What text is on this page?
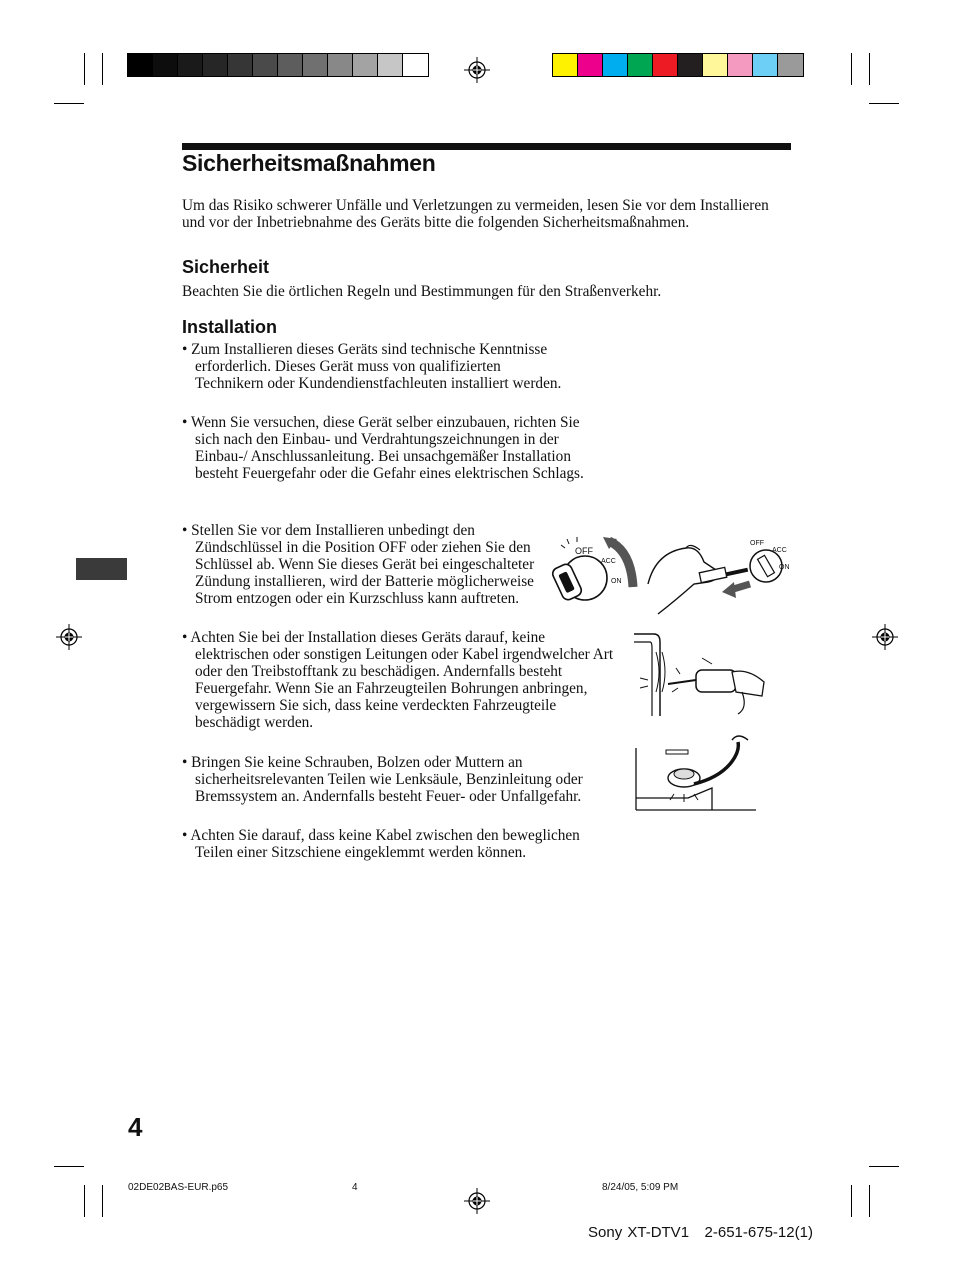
Sicherheitsmaßnahmen
Um das Risiko schwerer Unfälle und Verletzungen zu vermeiden, lesen Sie vor dem Installieren und vor der Inbetriebnahme des Geräts bitte die folgenden Sicherheitsmaßnahmen.
Sicherheit
Beachten Sie die örtlichen Regeln und Bestimmungen für den Straßenverkehr.
Installation
• Zum Installieren dieses Geräts sind technische Kenntnisse erforderlich. Dieses Gerät muss von qualifizierten Technikern oder Kundendienstfachleuten installiert werden.
• Wenn Sie versuchen, diese Gerät selber einzubauen, richten Sie sich nach den Einbau- und Verdrahtungszeichnungen in der Einbau-/ Anschlussanleitung. Bei unsachgemäßer Installation besteht Feuergefahr oder die Gefahr eines elektrischen Schlags.
• Stellen Sie vor dem Installieren unbedingt den Zündschlüssel in die Position OFF oder ziehen Sie den Schlüssel ab. Wenn Sie dieses Gerät bei eingeschalteter Zündung installieren, wird der Batterie möglicherweise Strom entzogen oder ein Kurzschluss kann auftreten.
• Achten Sie bei der Installation dieses Geräts darauf, keine elektrischen oder sonstigen Leitungen oder Kabel irgendwelcher Art oder den Treibstofftank zu beschädigen. Andernfalls besteht Feuergefahr. Wenn Sie an Fahrzeugteilen Bohrungen anbringen, vergewissern Sie sich, dass keine verdeckten Fahrzeugteile beschädigt werden.
• Bringen Sie keine Schrauben, Bolzen oder Muttern an sicherheitsrelevanten Teilen wie Lenksäule, Benzinleitung oder Bremssystem an. Andernfalls besteht Feuer- oder Unfallgefahr.
• Achten Sie darauf, dass keine Kabel zwischen den beweglichen Teilen einer Sitzschiene eingeklemmt werden können.
OFF
ACC
ON
OFF
ACC
ON
4
02DE02BAS-EUR.p65	4	8/24/05, 5:09 PM
Sony XT-DTV1   2-651-675-12(1)
